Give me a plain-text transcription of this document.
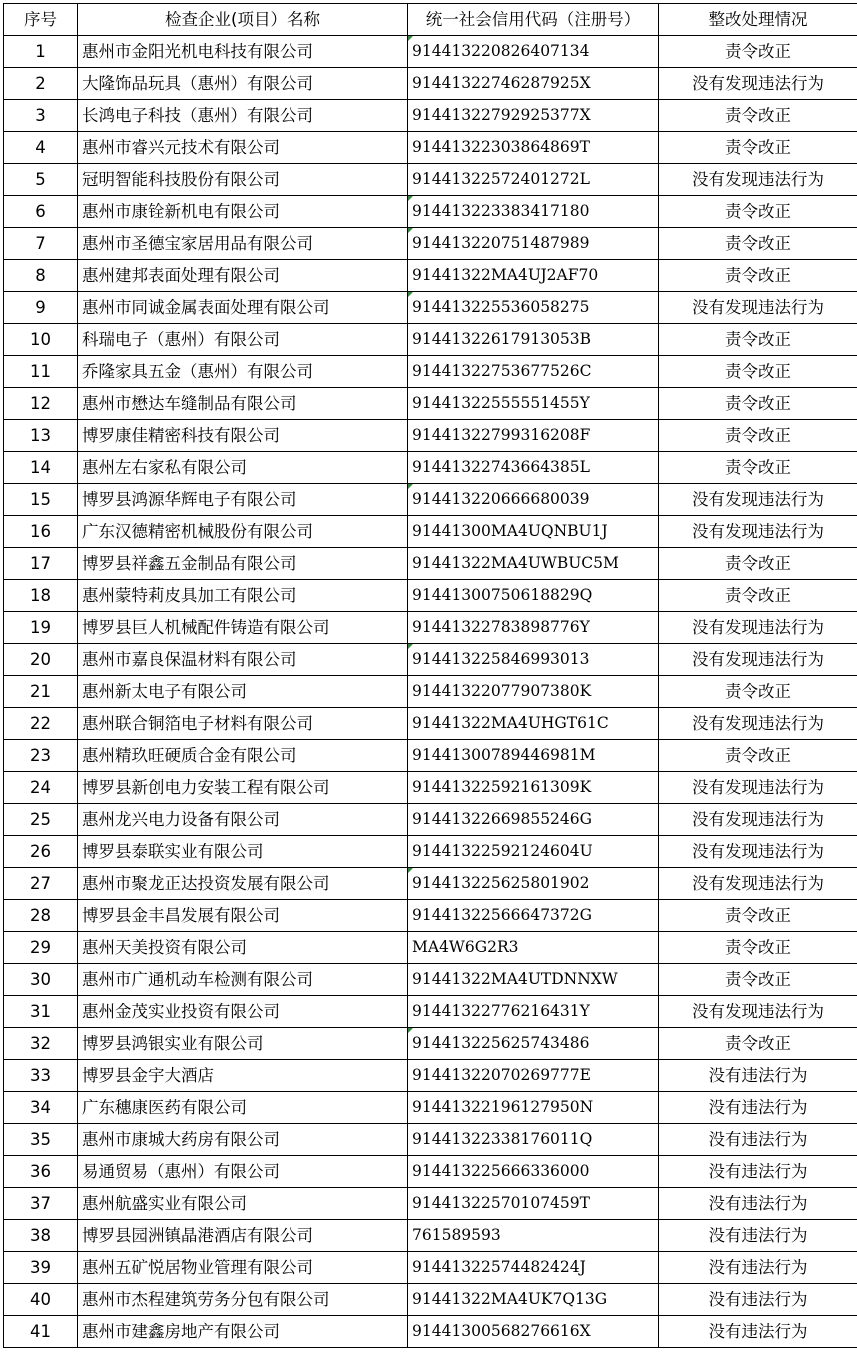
序号	检查企业(项目）名称	统一社会信用代码（注册号）	整改处理情况
1	惠州市金阳光机电科技有限公司	914413220826407134	责令改正
2	大隆饰品玩具（惠州）有限公司	91441322746287925X	没有发现违法行为
3	长鸿电子科技（惠州）有限公司	91441322792925377X	责令改正
4	惠州市睿兴元技术有限公司	91441322303864869T	责令改正
5	冠明智能科技股份有限公司	91441322572401272L	没有发现违法行为
6	惠州市康铨新机电有限公司	914413223383417180	责令改正
7	惠州市圣德宝家居用品有限公司	914413220751487989	责令改正
8	惠州建邦表面处理有限公司	91441322MA4UJ2AF70	责令改正
9	惠州市同诚金属表面处理有限公司	914413225536058275	没有发现违法行为
10	科瑞电子（惠州）有限公司	91441322617913053B	责令改正
11	乔隆家具五金（惠州）有限公司	91441322753677526C	责令改正
12	惠州市懋达车缝制品有限公司	91441322555551455Y	责令改正
13	博罗康佳精密科技有限公司	91441322799316208F	责令改正
14	惠州左右家私有限公司	91441322743664385L	责令改正
15	博罗县鸿源华辉电子有限公司	914413220666680039	没有发现违法行为
16	广东汉德精密机械股份有限公司	91441300MA4UQNBU1J	没有发现违法行为
17	博罗县祥鑫五金制品有限公司	91441322MA4UWBUC5M	责令改正
18	惠州蒙特莉皮具加工有限公司	91441300750618829Q	责令改正
19	博罗县巨人机械配件铸造有限公司	91441322783898776Y	没有发现违法行为
20	惠州市嘉良保温材料有限公司	914413225846993013	没有发现违法行为
21	惠州新太电子有限公司	91441322077907380K	责令改正
22	惠州联合铜箔电子材料有限公司	91441322MA4UHGT61C	没有发现违法行为
23	惠州精玖旺硬质合金有限公司	91441300789446981M	责令改正
24	博罗县新创电力安装工程有限公司	91441322592161309K	没有发现违法行为
25	惠州龙兴电力设备有限公司	91441322669855246G	没有发现违法行为
26	博罗县泰联实业有限公司	91441322592124604U	没有发现违法行为
27	惠州市聚龙正达投资发展有限公司	914413225625801902	没有发现违法行为
28	博罗县金丰昌发展有限公司	91441322566647372G	责令改正
29	惠州天美投资有限公司	MA4W6G2R3	责令改正
30	惠州市广通机动车检测有限公司	91441322MA4UTDNNXW	责令改正
31	惠州金茂实业投资有限公司	91441322776216431Y	没有发现违法行为
32	博罗县鸿银实业有限公司	914413225625743486	责令改正
33	博罗县金宇大酒店	91441322070269777E	没有违法行为
34	广东穗康医药有限公司	91441322196127950N	没有违法行为
35	惠州市康城大药房有限公司	91441322338176011Q	没有违法行为
36	易通贸易（惠州）有限公司	914413225666336000	没有违法行为
37	惠州航盛实业有限公司	91441322570107459T	没有违法行为
38	博罗县园洲镇晶港酒店有限公司	761589593	没有违法行为
39	惠州五矿悦居物业管理有限公司	91441322574482424J	没有违法行为
40	惠州市杰程建筑劳务分包有限公司	91441322MA4UK7Q13G	没有违法行为
41	惠州市建鑫房地产有限公司	91441300568276616X	没有违法行为
